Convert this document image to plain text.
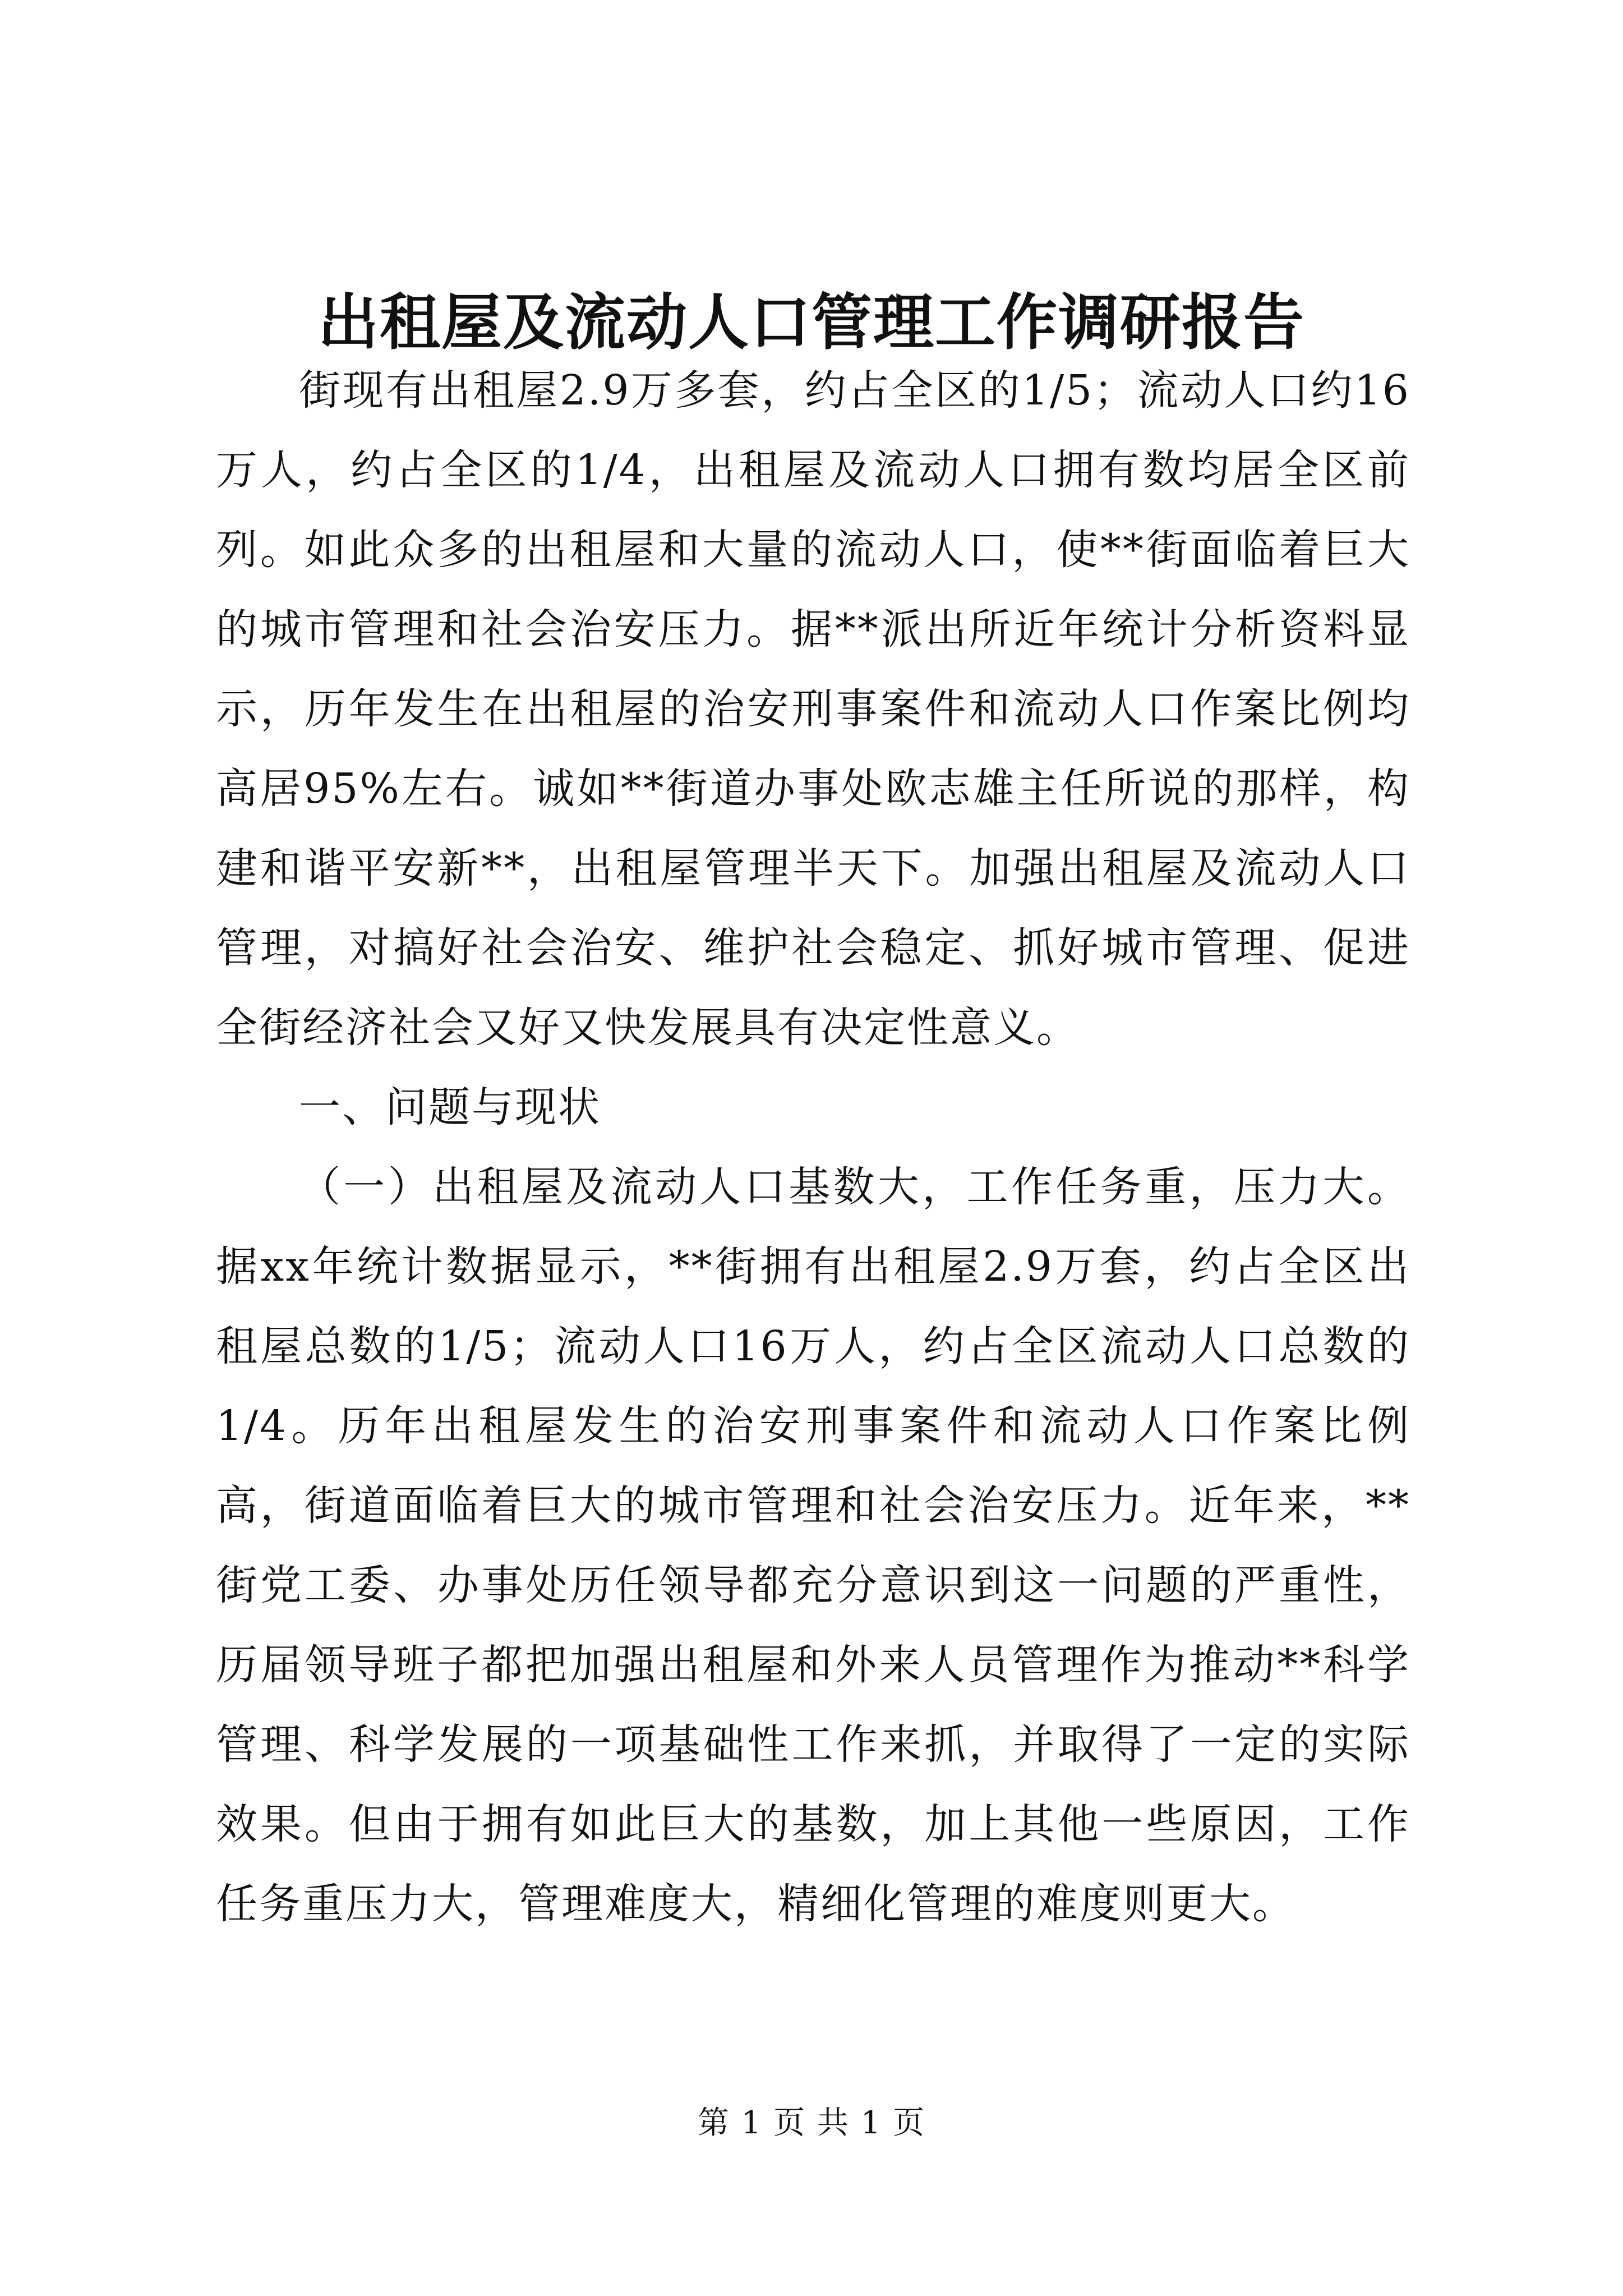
出租屋及流动人口管理工作调研报告

街现有出租屋2.9万多套，约占全区的1/5；流动人口约16万人，约占全区的1/4，出租屋及流动人口拥有数均居全区前列。如此众多的出租屋和大量的流动人口，使**街面临着巨大的城市管理和社会治安压力。据**派出所近年统计分析资料显示，历年发生在出租屋的治安刑事案件和流动人口作案比例均高居95%左右。诚如**街道办事处欧志雄主任所说的那样，构建和谐平安新**，出租屋管理半天下。加强出租屋及流动人口管理，对搞好社会治安、维护社会稳定、抓好城市管理、促进全街经济社会又好又快发展具有决定性意义。

一、问题与现状

（一）出租屋及流动人口基数大，工作任务重，压力大。据xx年统计数据显示，**街拥有出租屋2.9万套，约占全区出租屋总数的1/5；流动人口16万人，约占全区流动人口总数的1/4。历年出租屋发生的治安刑事案件和流动人口作案比例高，街道面临着巨大的城市管理和社会治安压力。近年来，**街党工委、办事处历任领导都充分意识到这一问题的严重性，历届领导班子都把加强出租屋和外来人员管理作为推动**科学管理、科学发展的一项基础性工作来抓，并取得了一定的实际效果。但由于拥有如此巨大的基数，加上其他一些原因，工作任务重压力大，管理难度大，精细化管理的难度则更大。

第 1 页 共 1 页
